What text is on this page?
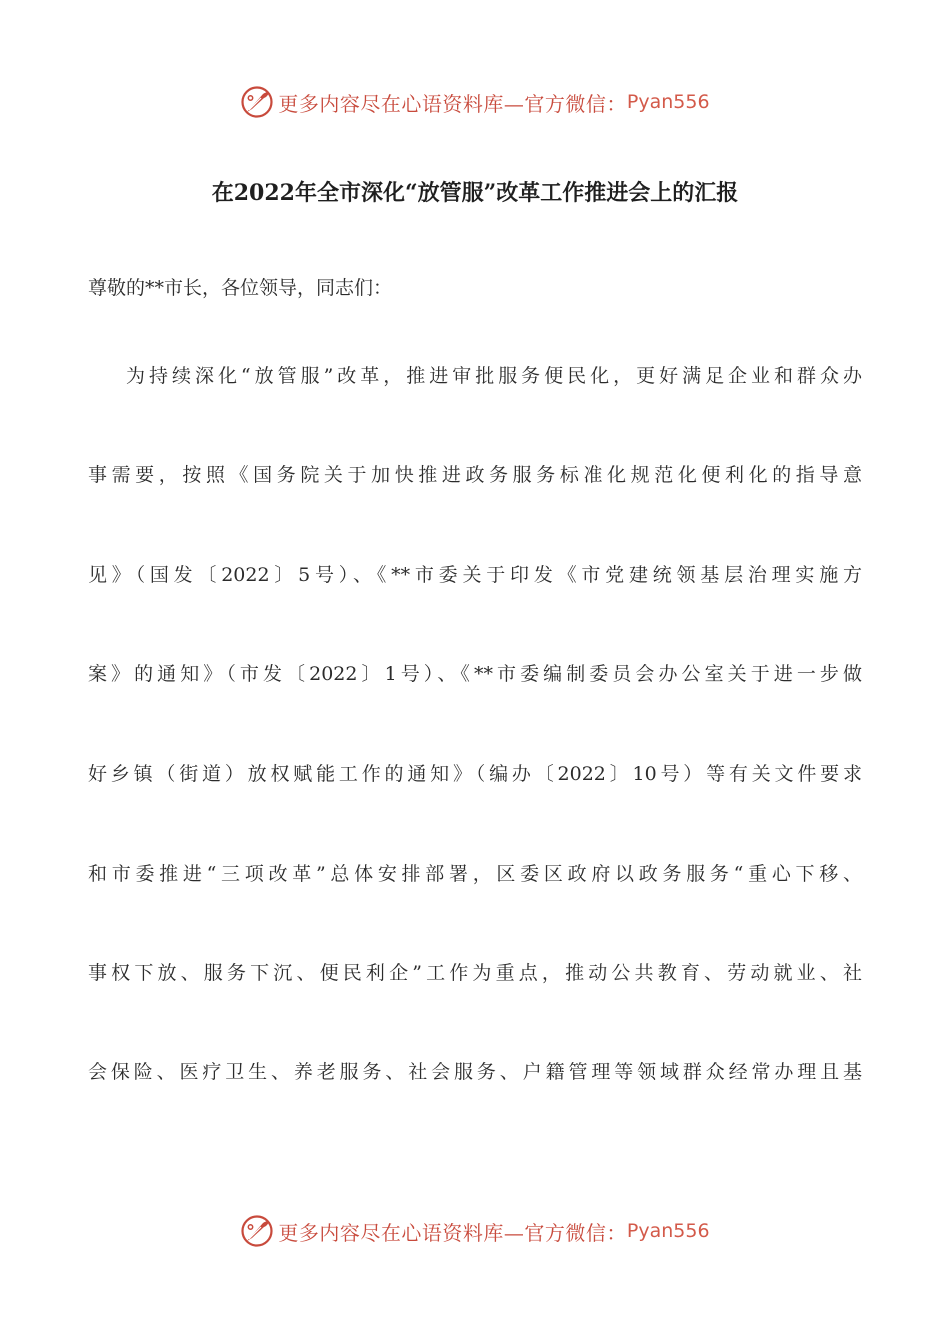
更多内容尽在心语资料库— 官方微信： Pyan556
在2022年全市深化“放管服”改革工作推进会上的汇报
尊敬的**市长，各位领导，同志们：
为持续深化“放管服”改革，推进审批服务便民化，更好满足企业和群众办
事需要，按照《国务院关于加快推进政务服务标准化规范化便利化的指导意
见》（国发〔2022〕5号）、《**市委关于印发《市党建统领基层治理实施方
案》的通知》（市发〔2022〕1号）、《**市委编制委员会办公室关于进一步做
好乡镇（街道）放权赋能工作的通知》（编办〔2022〕10号）等有关文件要求
和市委推进“三项改革”总体安排部署，区委区政府以政务服务“重心下移、
事权下放、服务下沉、便民利企”工作为重点，推动公共教育、劳动就业、社
会保险、医疗卫生、养老服务、社会服务、户籍管理等领域群众经常办理且基
更多内容尽在心语资料库— 官方微信： Pyan556
